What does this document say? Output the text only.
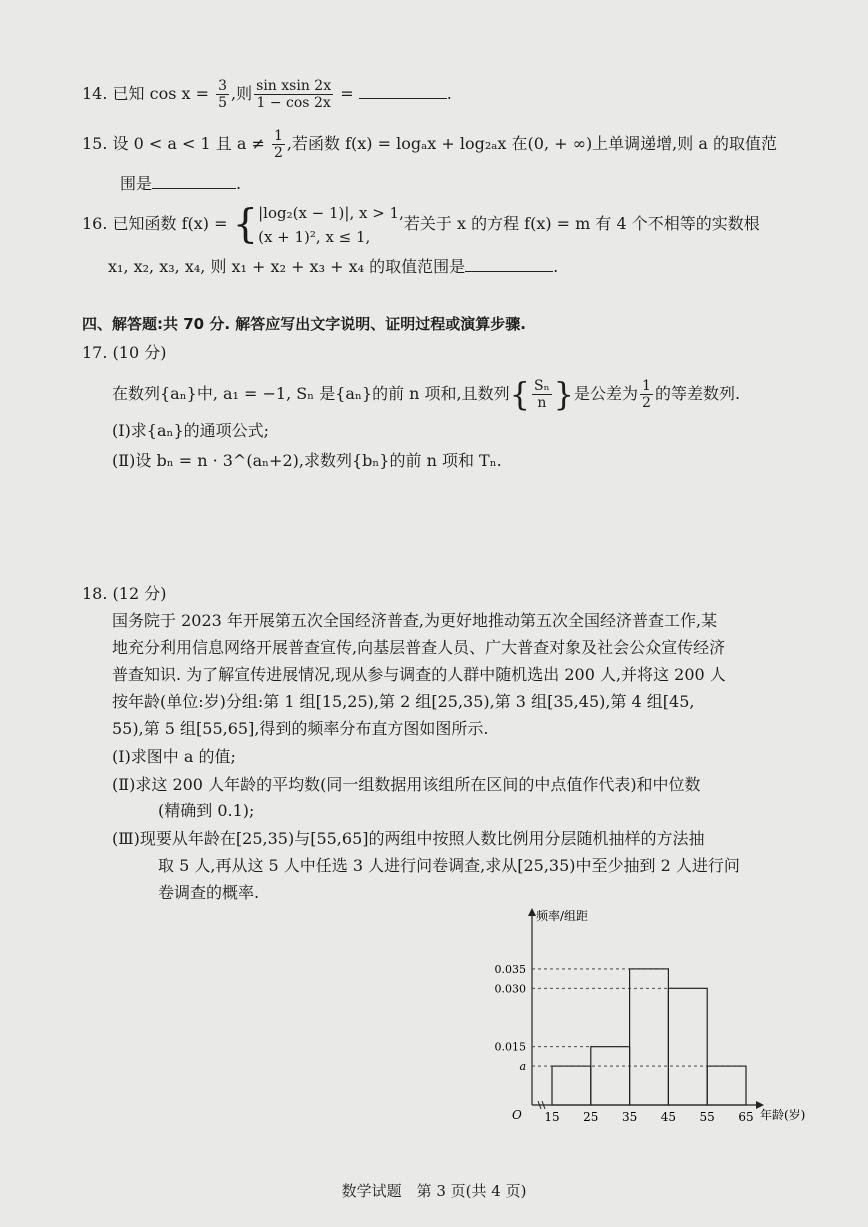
14. 已知 $\cos x = \frac{3}{5}$ ,则 $\frac{\text{sin xsin 2x}}{1 - \cos 2x}$ =	.
15. 设 0 < a < 1 且 $a \ne \frac{1}{2}$ ,若函数 f(x) = logₐx + log₂ₐx 在(0, + ∞)上单调递增,则 a 的取值范
围是	.
16. 已知函数 f(x) = { |log₂(x − 1)|, x > 1,
(x + 1)², x ≤ 1,
若关于 x 的方程 f(x) = m 有 4 个不相等的实数根
x₁, x₂, x₃, x₄, 则 x₁ + x₂ + x₃ + x₄ 的取值范围是	.
四、解答题:共 70 分. 解答应写出文字说明、证明过程或演算步骤.
17. (10 分)
在数列{aₙ}中, a₁ = −1, Sₙ 是{aₙ}的前 n 项和,且数列{ $\frac{\text{Sₙ}}{n}$ }是公差为 $\frac{1}{2}$ 的等差数列.
(Ⅰ)求{aₙ}的通项公式;
(Ⅱ)设 bₙ = n · 3^(aₙ+2),求数列{bₙ}的前 n 项和 Tₙ.
18. (12 分)
国务院于 2023 年开展第五次全国经济普查,为更好地推动第五次全国经济普查工作,某
地充分利用信息网络开展普查宣传,向基层普查人员、广大普查对象及社会公众宣传经济
普查知识. 为了解宣传进展情况,现从参与调查的人群中随机选出 200 人,并将这 200 人
按年龄(单位:岁)分组:第 1 组[15,25),第 2 组[25,35),第 3 组[35,45),第 4 组[45,
55),第 5 组[55,65],得到的频率分布直方图如图所示.
(Ⅰ)求图中 a 的值;
(Ⅱ)求这 200 人年龄的平均数(同一组数据用该组所在区间的中点值作代表)和中位数
(精确到 0.1);
(Ⅲ)现要从年龄在[25,35)与[55,65]的两组中按照人数比例用分层随机抽样的方法抽
取 5 人,再从这 5 人中任选 3 人进行问卷调查,求从[25,35)中至少抽到 2 人进行问
卷调查的概率.
频率/组距
O	年龄(岁)
15 25 35 45 55 65
a
0.015
0.030
0.035
数学试题　第 3 页(共 4 页)
